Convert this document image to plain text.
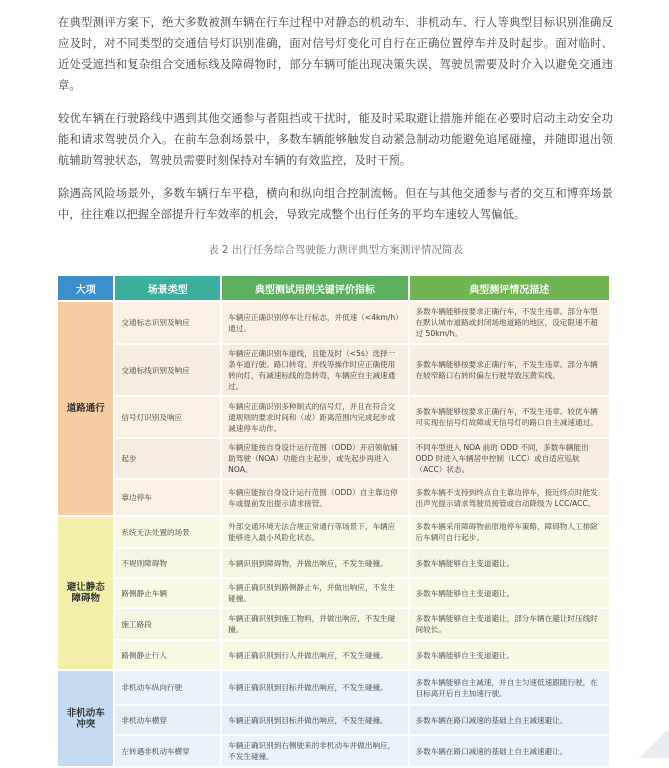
在典型测评方案下，绝大多数被测车辆在行车过程中对静态的机动车、非机动车、行人等典型目标识别准确反应及时，对不同类型的交通信号灯识别准确，面对信号灯变化可自行在正确位置停车并及时起步。面对临时、近处受遮挡和复杂组合交通标线及障碍物时，部分车辆可能出现决策失误，驾驶员需要及时介入以避免交通违章。

较优车辆在行驶路线中遇到其他交通参与者阻挡或干扰时，能及时采取避让措施并能在必要时启动主动安全功能和请求驾驶员介入。在前车急刹场景中，多数车辆能够触发自动紧急制动功能避免追尾碰撞，并随即退出领航辅助驾驶状态，驾驶员需要时刻保持对车辆的有效监控，及时干预。

除遇高风险场景外，多数车辆行车平稳，横向和纵向组合控制流畅。但在与其他交通参与者的交互和博弈场景中，往往难以把握全部提升行车效率的机会，导致完成整个出行任务的平均车速较人驾偏低。

表 2 出行任务综合驾驶能力测评典型方案测评情况简表
大项	场景类型	典型测试用例关键评价指标	典型测评情况描述
道路通行	交通标志识别及响应	车辆应正确识别停车让行标志，并低速（<4km/h）通过。	多数车辆能够按要求正确行车，不发生违章。部分车型在默认城市道路或封闭场地道路的地区，设定限速不超过 50km/h。
	交通标线识别及响应	车辆应正确识别车道线，且能及时（<5s）选择一条车道行驶。路口转弯、并线等操作时应正确使用转向灯，有减速标线的急转弯，车辆应自主减速通过。	多数车辆能够按要求正确行车，不发生违章。部分车辆在较窄路口右转时偏左行驶导致压黄实线。
	信号灯识别及响应	车辆应正确识别多种制式的信号灯，并且在符合交通规则的要求时间和（或）距离范围内完成起步或减速停车动作。	多数车辆能够按要求正确行车，不发生违章。较优车辆可实现在信号灯故障或无信号灯的路口自主减速通过。
	起步	车辆应能按自身设计运行范围（ODD）开启领航辅助驾驶（NOA）功能自主起步，或先起步再进入 NOA。	不同车型进入 NOA 前的 ODD 不同，多数车辆能出 ODD 时进入车辆居中控制（LCC）或自适应巡航（ACC）状态。
	靠边停车	车辆应能按自身设计运行范围（ODD）自主靠边停车或提前发出提示请求接管。	多数车辆不支持到终点自主靠边停车，接近终点时能发出声光提示请求驾驶员接管或自动降级为 LCC/ACC。
避让静态障碍物	系统无法处置的场景	外部交通环境无法合规正常通行等场景下，车辆应能够进入最小风险化状态。	多数车辆采用障碍物前原地停车策略，障碍物人工排除后车辆可自行起步。
	不规则障碍物	车辆识别到障碍物，并做出响应，不发生碰撞。	多数车辆能够自主变道避让。
	路侧静止车辆	车辆正确识别到路侧静止车，并做出响应，不发生碰撞。	多数车辆能够自主变道避让。
	施工路段	车辆正确识别到施工物料，并做出响应，不发生碰撞。	多数车辆能够自主变道避让，部分车辆在避让时压线时间较长。
	路侧静止行人	车辆正确识别到行人并做出响应，不发生碰撞。	多数车辆能够自主变道避让。
非机动车冲突	非机动车纵向行驶	车辆正确识别到目标并做出响应，不发生碰撞。	多数车辆能够自主减速，并自主匀速低速跟随行驶，在目标离开后自主加速行驶。
	非机动车横穿	车辆正确识别到目标并做出响应，不发生碰撞。	多数车辆在路口减速的基础上自主减速避让。
	左转遇非机动车横穿	车辆正确识别到右侧驶来的非机动车并做出响应，不发生碰撞。	多数车辆在路口减速的基础上自主减速避让。
